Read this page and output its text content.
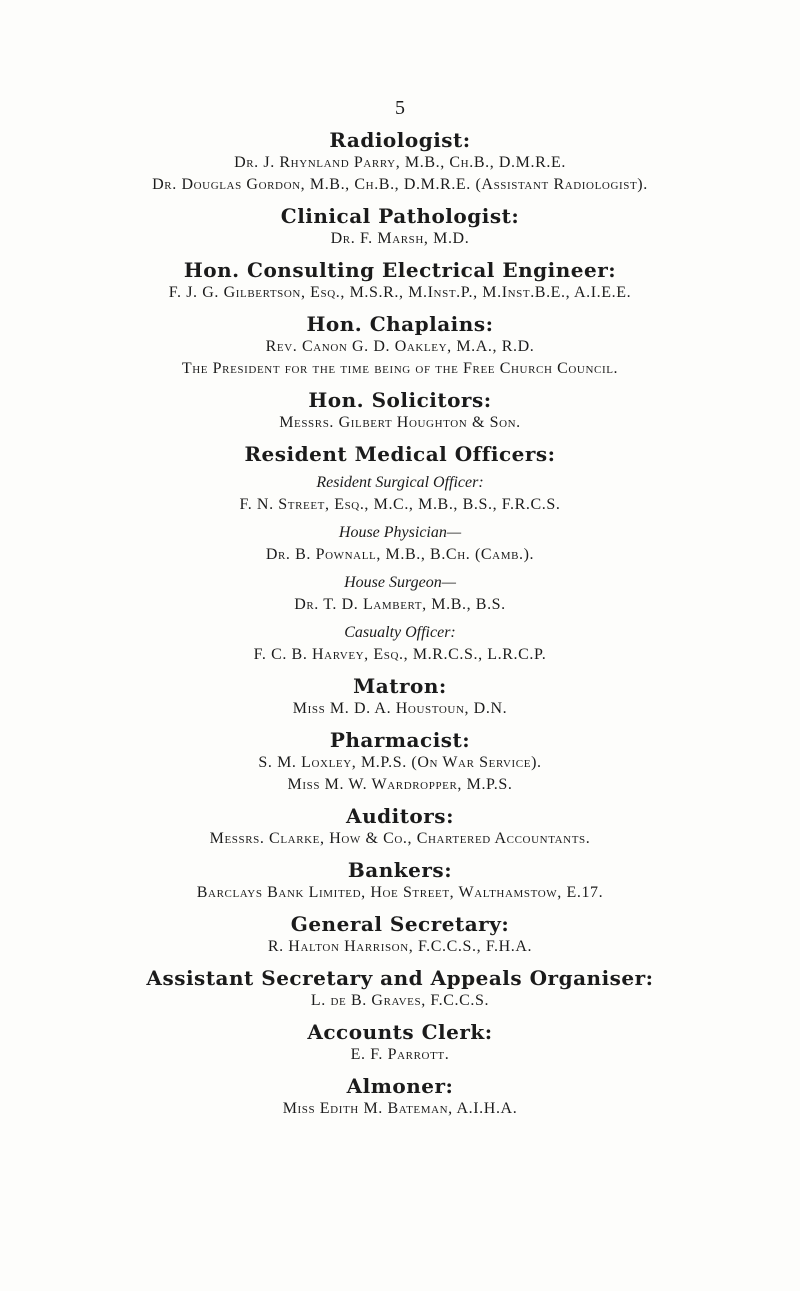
5
Radiologist:
Dr. J. Rhynland Parry, M.B., Ch.B., D.M.R.E.
Dr. Douglas Gordon, M.B., Ch.B., D.M.R.E. (Assistant Radiologist).
Clinical Pathologist:
Dr. F. Marsh, M.D.
Hon. Consulting Electrical Engineer:
F. J. G. Gilbertson, Esq., M.S.R., M.Inst.P., M.Inst.B.E., A.I.E.E.
Hon. Chaplains:
Rev. Canon G. D. Oakley, M.A., R.D.
The President for the time being of the Free Church Council.
Hon. Solicitors:
Messrs. Gilbert Houghton & Son.
Resident Medical Officers:
Resident Surgical Officer:
F. N. Street, Esq., M.C., M.B., B.S., F.R.C.S.
House Physician—
Dr. B. Pownall, M.B., B.Ch. (Camb.).
House Surgeon—
Dr. T. D. Lambert, M.B., B.S.
Casualty Officer:
F. C. B. Harvey, Esq., M.R.C.S., L.R.C.P.
Matron:
Miss M. D. A. Houstoun, D.N.
Pharmacist:
S. M. Loxley, M.P.S. (On War Service).
Miss M. W. Wardropper, M.P.S.
Auditors:
Messrs. Clarke, How & Co., Chartered Accountants.
Bankers:
Barclays Bank Limited, Hoe Street, Walthamstow, E.17.
General Secretary:
R. Halton Harrison, F.C.C.S., F.H.A.
Assistant Secretary and Appeals Organiser:
L. de B. Graves, F.C.C.S.
Accounts Clerk:
E. F. Parrott.
Almoner:
Miss Edith M. Bateman, A.I.H.A.
